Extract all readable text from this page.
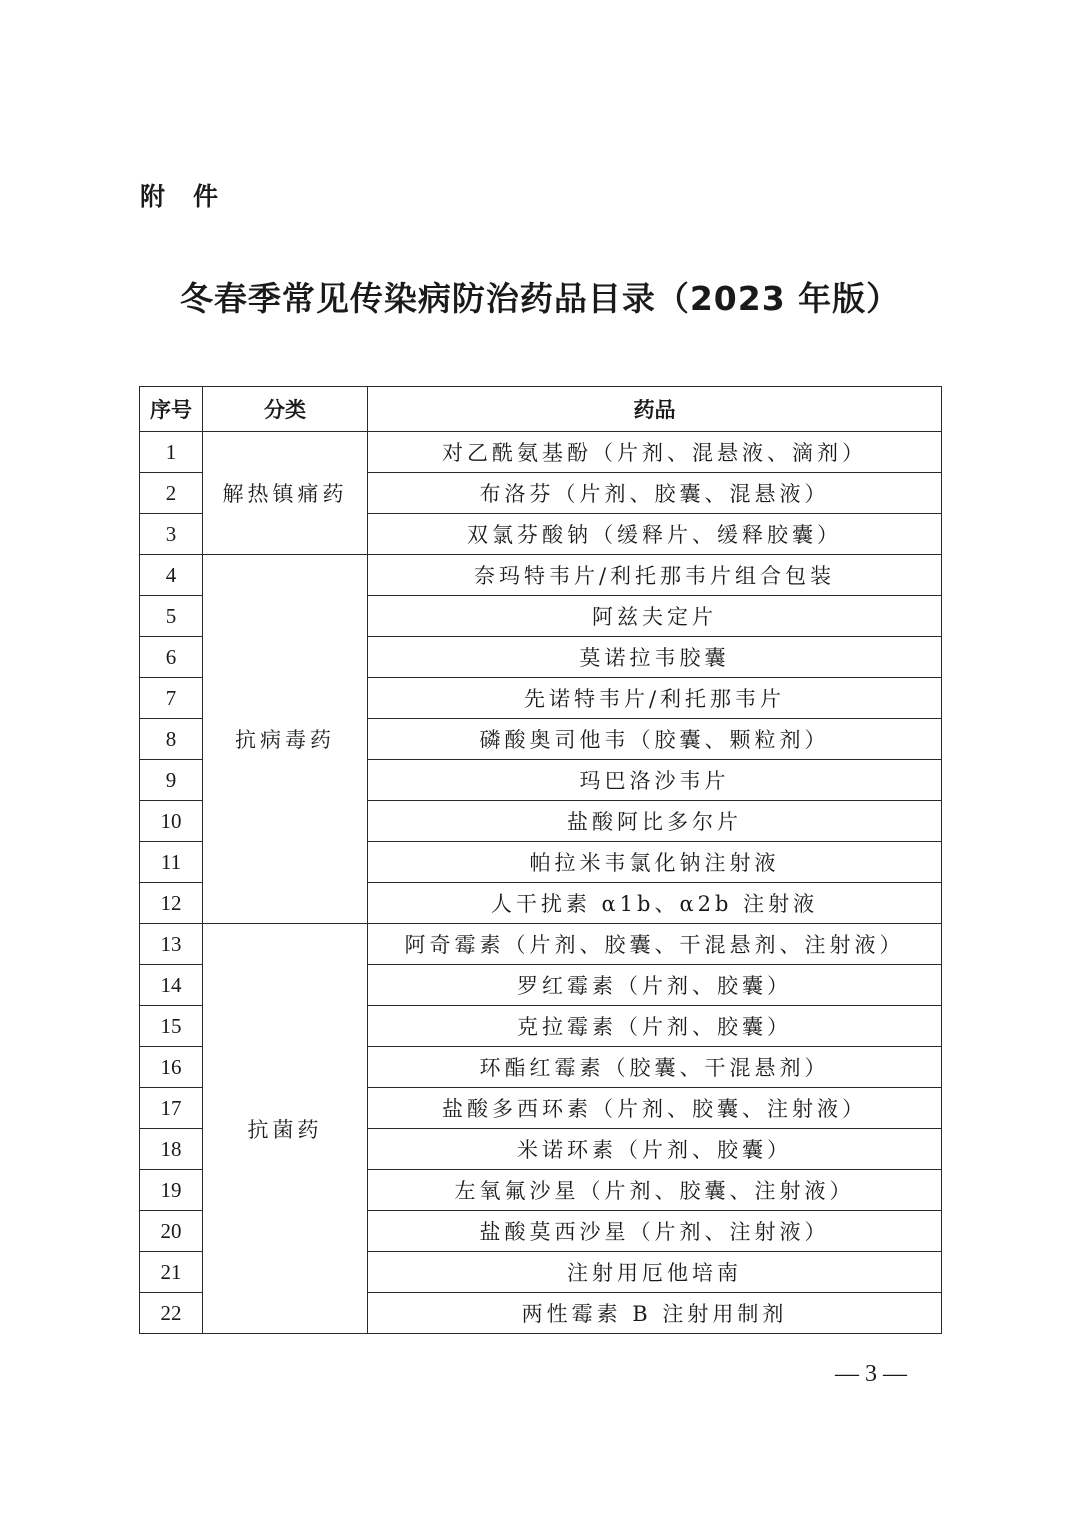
附件
冬春季常见传染病防治药品目录（2023 年版）
序号	分类	药品
1	解热镇痛药	对乙酰氨基酚（片剂、混悬液、滴剂）
2		布洛芬（片剂、胶囊、混悬液）
3		双氯芬酸钠（缓释片、缓释胶囊）
4	抗病毒药	奈玛特韦片/利托那韦片组合包装
5		阿兹夫定片
6		莫诺拉韦胶囊
7		先诺特韦片/利托那韦片
8		磷酸奥司他韦（胶囊、颗粒剂）
9		玛巴洛沙韦片
10		盐酸阿比多尔片
11		帕拉米韦氯化钠注射液
12		人干扰素 α1b、α2b 注射液
13	抗菌药	阿奇霉素（片剂、胶囊、干混悬剂、注射液）
14		罗红霉素（片剂、胶囊）
15		克拉霉素（片剂、胶囊）
16		环酯红霉素（胶囊、干混悬剂）
17		盐酸多西环素（片剂、胶囊、注射液）
18		米诺环素（片剂、胶囊）
19		左氧氟沙星（片剂、胶囊、注射液）
20		盐酸莫西沙星（片剂、注射液）
21		注射用厄他培南
22		两性霉素 B 注射用制剂
— 3 —
